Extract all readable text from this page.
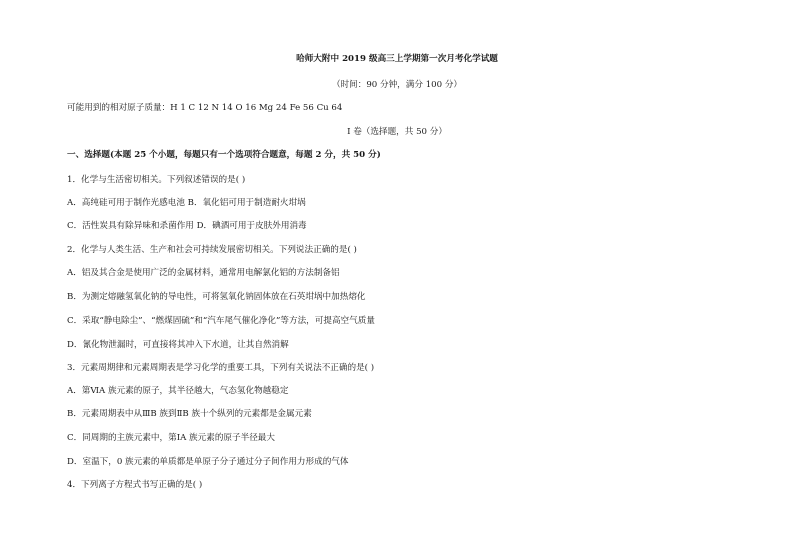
哈师大附中 2019 级高三上学期第一次月考化学试题
（时间：90 分钟，满分 100 分）
可能用到的相对原子质量：H 1 C 12 N 14 O 16 Mg 24 Fe 56 Cu 64
I 卷（选择题，共 50 分）
一、选择题(本题 25 个小题，每题只有一个选项符合题意，每题 2 分，共 50 分)
1．化学与生活密切相关。下列叙述错误的是( )
A．高纯硅可用于制作光感电池 B．氧化铝可用于制造耐火坩埚
C．活性炭具有除异味和杀菌作用 D．碘酒可用于皮肤外用消毒
2．化学与人类生活、生产和社会可持续发展密切相关。下列说法正确的是( )
A．铝及其合金是使用广泛的金属材料，通常用电解氯化铝的方法制备铝
B．为测定熔融氢氧化钠的导电性，可将氢氧化钠固体放在石英坩埚中加热熔化
C．采取“静电除尘”、“燃煤固硫”和“汽车尾气催化净化”等方法，可提高空气质量
D．氰化物泄漏时，可直接将其冲入下水道，让其自然消解
3．元素周期律和元素周期表是学习化学的重要工具，下列有关说法不正确的是( )
A．第ⅥA 族元素的原子，其半径越大，气态氢化物越稳定
B．元素周期表中从ⅢB 族到ⅡB 族十个纵列的元素都是金属元素
C．同周期的主族元素中，第ⅠA 族元素的原子半径最大
D．室温下，0 族元素的单质都是单原子分子通过分子间作用力形成的气体
4．下列离子方程式书写正确的是( )
